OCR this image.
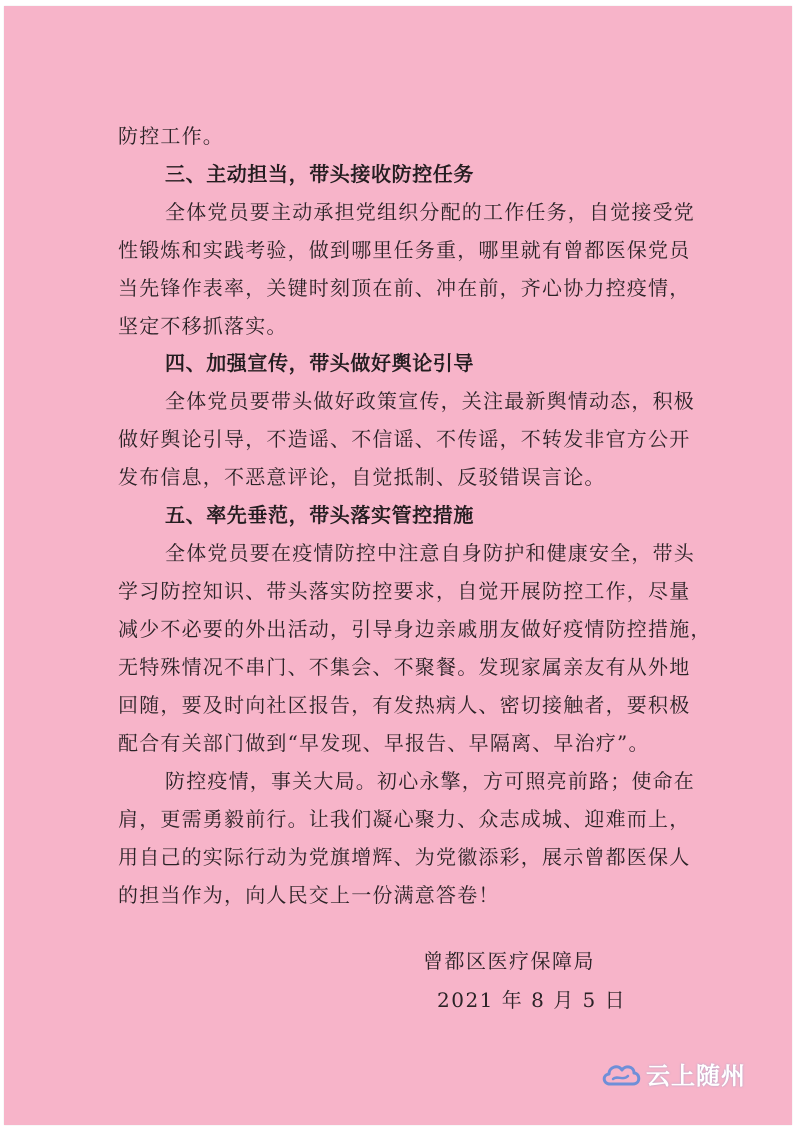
防控工作。
三、主动担当，带头接收防控任务
全体党员要主动承担党组织分配的工作任务，自觉接受党
性锻炼和实践考验，做到哪里任务重，哪里就有曾都医保党员
当先锋作表率，关键时刻顶在前、冲在前，齐心协力控疫情，
坚定不移抓落实。
四、加强宣传，带头做好舆论引导
全体党员要带头做好政策宣传，关注最新舆情动态，积极
做好舆论引导，不造谣、不信谣、不传谣，不转发非官方公开
发布信息，不恶意评论，自觉抵制、反驳错误言论。
五、率先垂范，带头落实管控措施
全体党员要在疫情防控中注意自身防护和健康安全，带头
学习防控知识、带头落实防控要求，自觉开展防控工作，尽量
减少不必要的外出活动，引导身边亲戚朋友做好疫情防控措施，
无特殊情况不串门、不集会、不聚餐。发现家属亲友有从外地
回随，要及时向社区报告，有发热病人、密切接触者，要积极
配合有关部门做到“早发现、早报告、早隔离、早治疗”。
防控疫情，事关大局。初心永擎，方可照亮前路；使命在
肩，更需勇毅前行。让我们凝心聚力、众志成城、迎难而上，
用自己的实际行动为党旗增辉、为党徽添彩，展示曾都医保人
的担当作为，向人民交上一份满意答卷！
曾都区医疗保障局
2021 年 8 月 5 日
云上随州
